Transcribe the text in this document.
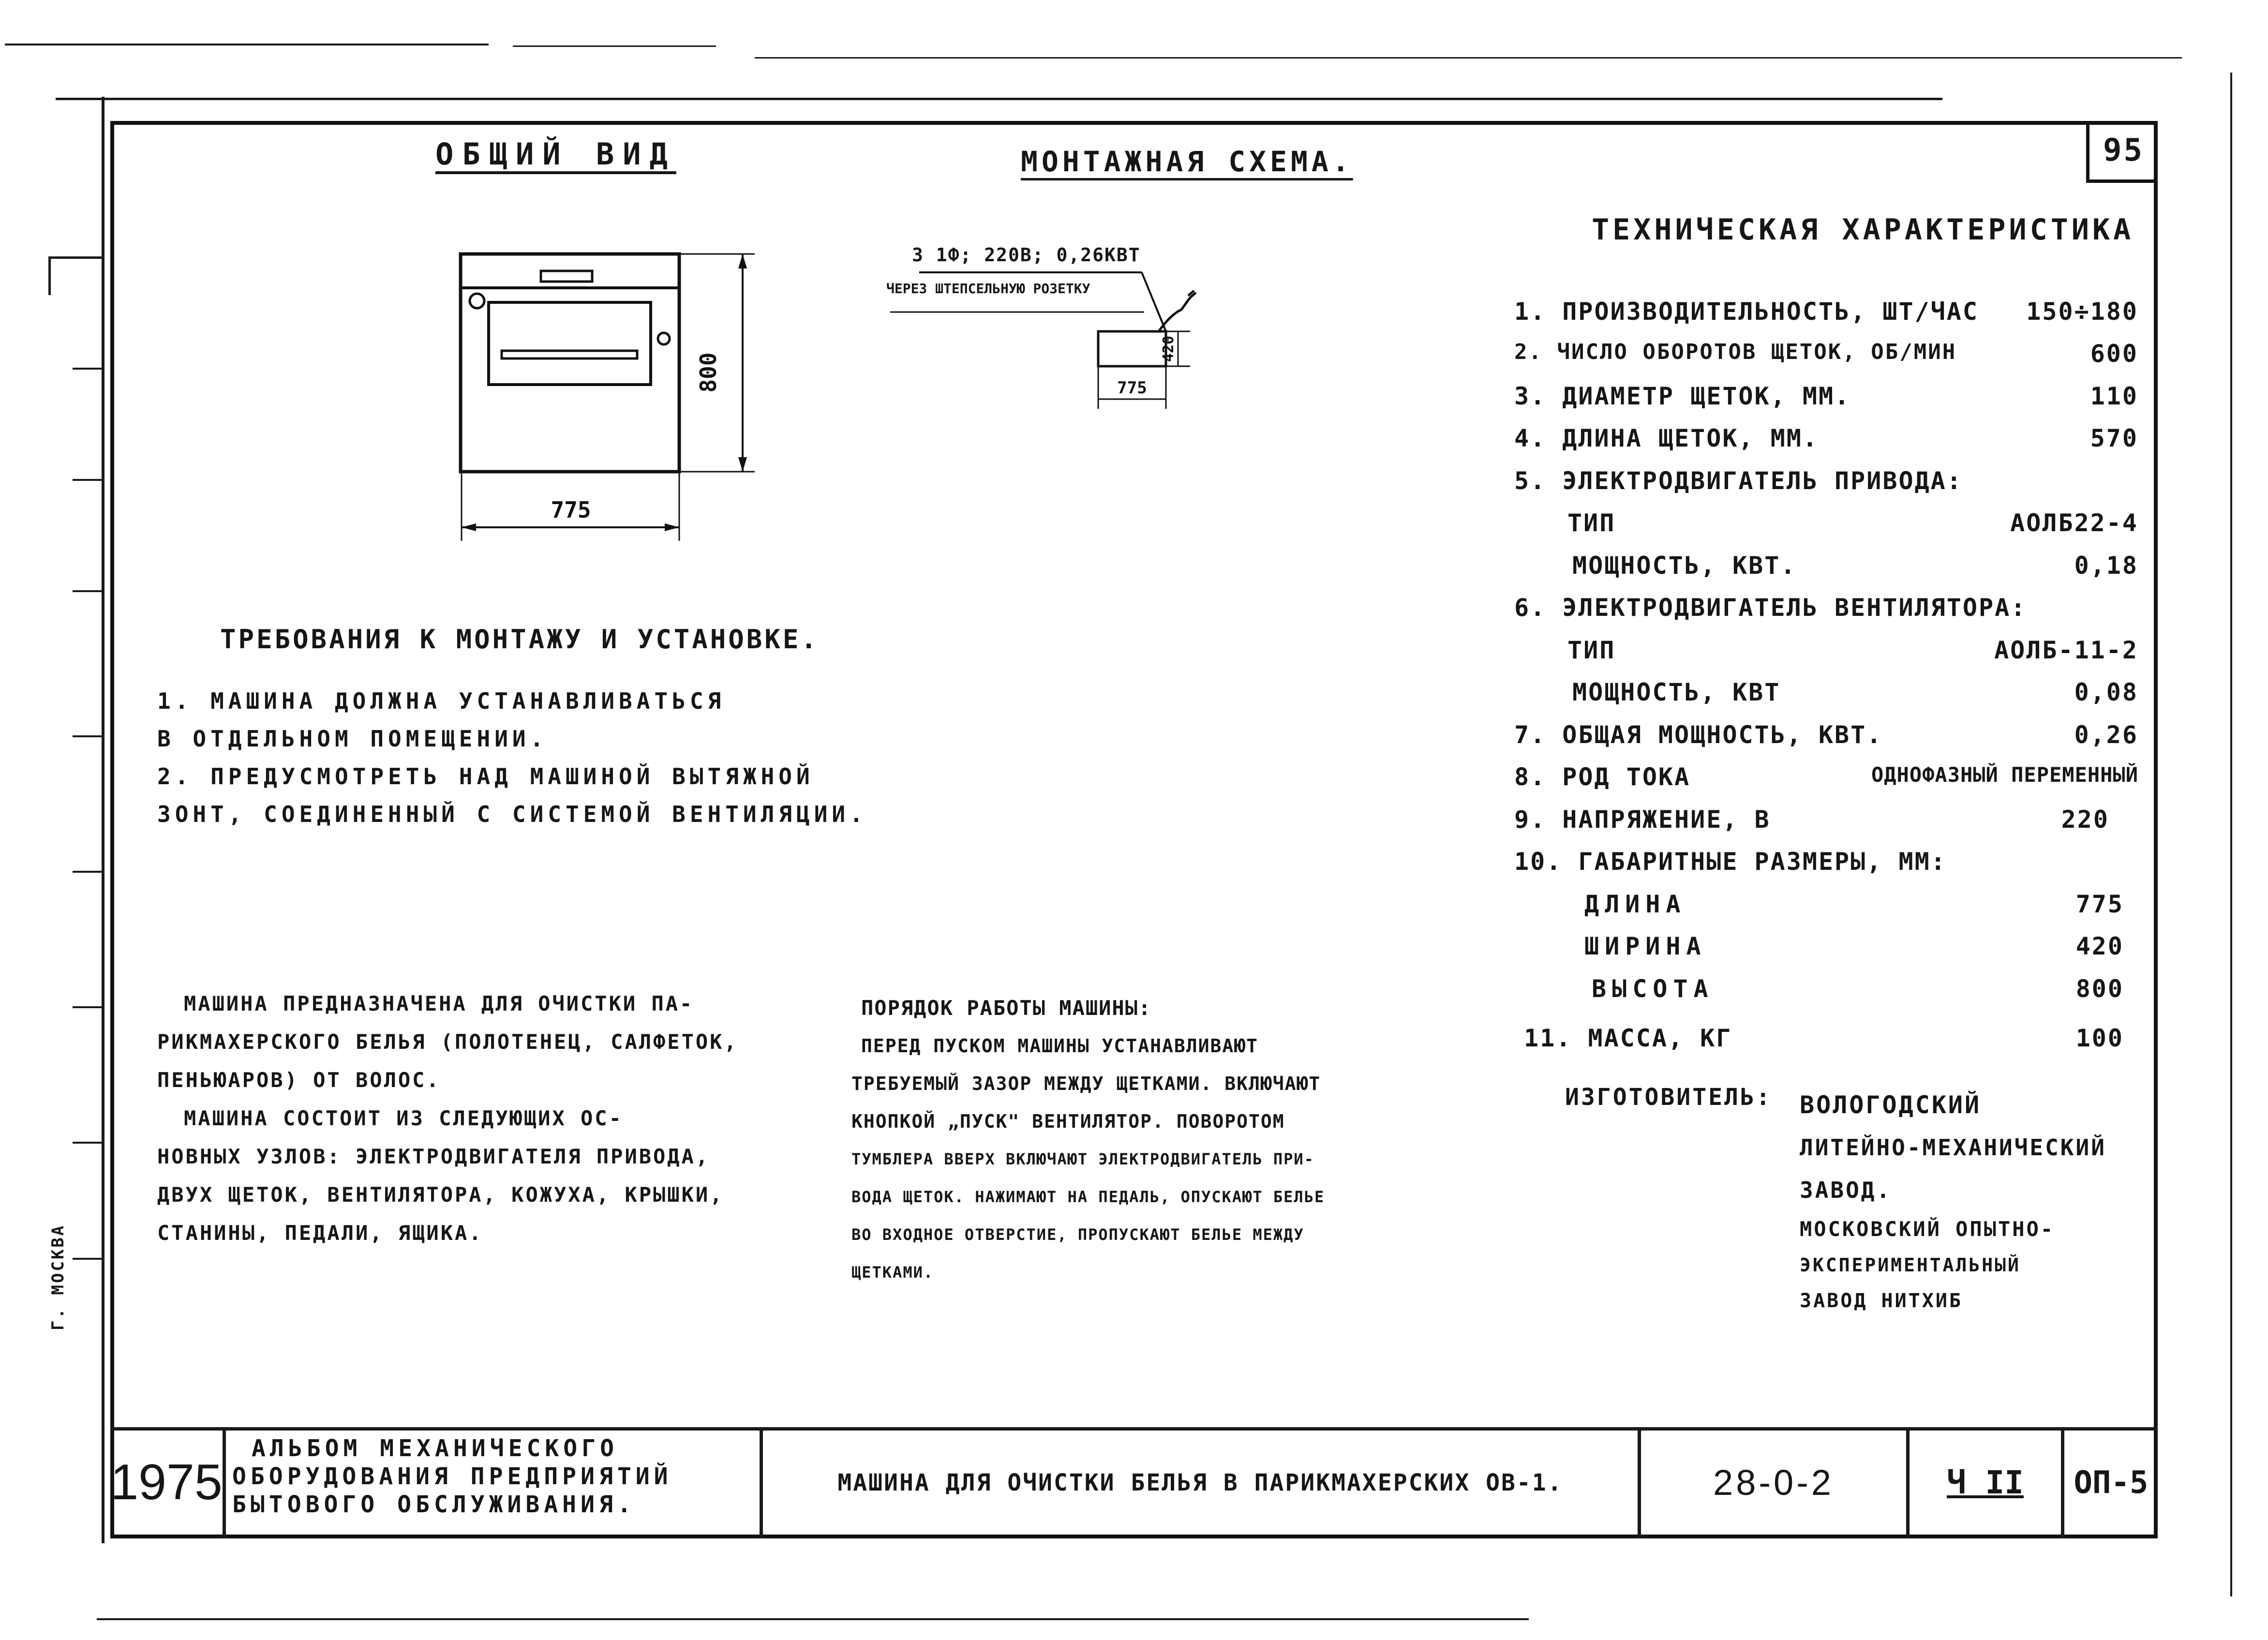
Г. МОСКВА
95
ОБЩИЙ ВИД
800
775
МОНТАЖНАЯ СХЕМА.
3 1Ф; 220В; 0,26КВТ
ЧЕРЕЗ ШТЕПСЕЛЬНУЮ РОЗЕТКУ
420
775
ТРЕБОВАНИЯ К МОНТАЖУ И УСТАНОВКЕ.
1. МАШИНА ДОЛЖНА УСТАНАВЛИВАТЬСЯ
В ОТДЕЛЬНОМ ПОМЕЩЕНИИ.
2. ПРЕДУСМОТРЕТЬ НАД МАШИНОЙ ВЫТЯЖНОЙ
ЗОНТ, СОЕДИНЕННЫЙ С СИСТЕМОЙ ВЕНТИЛЯЦИИ.
МАШИНА ПРЕДНАЗНАЧЕНА ДЛЯ ОЧИСТКИ ПА-
РИКМАХЕРСКОГО БЕЛЬЯ (ПОЛОТЕНЕЦ, САЛФЕТОК,
ПЕНЬЮАРОВ) ОТ ВОЛОС.
МАШИНА СОСТОИТ ИЗ СЛЕДУЮЩИХ ОС-
НОВНЫХ УЗЛОВ: ЭЛЕКТРОДВИГАТЕЛЯ ПРИВОДА,
ДВУХ ЩЕТОК, ВЕНТИЛЯТОРА, КОЖУХА, КРЫШКИ,
СТАНИНЫ, ПЕДАЛИ, ЯЩИКА.
ПОРЯДОК РАБОТЫ МАШИНЫ:
ПЕРЕД ПУСКОМ МАШИНЫ УСТАНАВЛИВАЮТ
ТРЕБУЕМЫЙ ЗАЗОР МЕЖДУ ЩЕТКАМИ. ВКЛЮЧАЮТ
КНОПКОЙ „ПУСК" ВЕНТИЛЯТОР. ПОВОРОТОМ
ТУМБЛЕРА ВВЕРХ ВКЛЮЧАЮТ ЭЛЕКТРОДВИГАТЕЛЬ ПРИ-
ВОДА ЩЕТОК. НАЖИМАЮТ НА ПЕДАЛЬ, ОПУСКАЮТ БЕЛЬЕ
ВО ВХОДНОЕ ОТВЕРСТИЕ, ПРОПУСКАЮТ БЕЛЬЕ МЕЖДУ
ЩЕТКАМИ.
ТЕХНИЧЕСКАЯ ХАРАКТЕРИСТИКА
1. ПРОИЗВОДИТЕЛЬНОСТЬ, ШТ/ЧАС 150÷180
2. ЧИСЛО ОБОРОТОВ ЩЕТОК, ОБ/МИН	600
3. ДИАМЕТР ЩЕТОК, ММ.	110
4. ДЛИНА ЩЕТОК, ММ.	570
5. ЭЛЕКТРОДВИГАТЕЛЬ ПРИВОДА:
ТИП	АОЛБ22-4
МОЩНОСТЬ, КВТ.	0,18
6. ЭЛЕКТРОДВИГАТЕЛЬ ВЕНТИЛЯТОРА:
ТИП	АОЛБ-11-2
МОЩНОСТЬ, КВТ	0,08
7. ОБЩАЯ МОЩНОСТЬ, КВТ.	0,26
8. РОД ТОКА	ОДНОФАЗНЫЙ ПЕРЕМЕННЫЙ
9. НАПРЯЖЕНИЕ, В	220
10. ГАБАРИТНЫЕ РАЗМЕРЫ, ММ:
ДЛИНА	775
ШИРИНА	420
ВЫСОТА	800
11. МАССА, КГ	100
ИЗГОТОВИТЕЛЬ: ВОЛОГОДСКИЙ
ЛИТЕЙНО-МЕХАНИЧЕСКИЙ
ЗАВОД.
МОСКОВСКИЙ ОПЫТНО-
ЭКСПЕРИМЕНТАЛЬНЫЙ
ЗАВОД НИТХИБ
1975
АЛЬБОМ МЕХАНИЧЕСКОГО
ОБОРУДОВАНИЯ ПРЕДПРИЯТИЙ
БЫТОВОГО ОБСЛУЖИВАНИЯ.
МАШИНА ДЛЯ ОЧИСТКИ БЕЛЬЯ В ПАРИКМАХЕРСКИХ ОВ-1.	28-0-2	Ч II ОП-5
